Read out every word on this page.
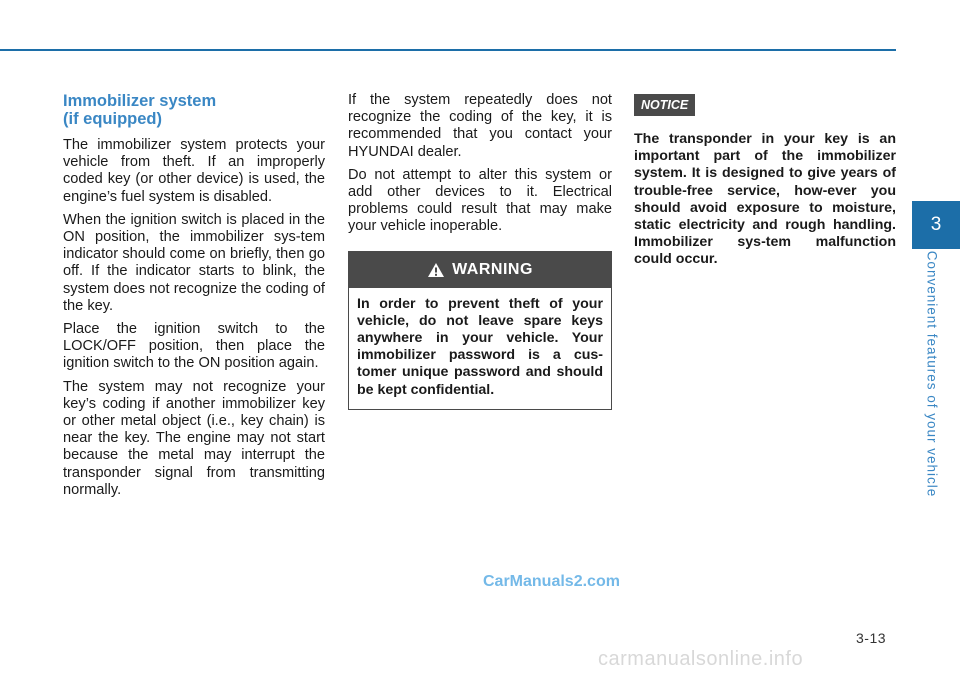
Immobilizer system
(if equipped)

The immobilizer system protects your vehicle from theft. If an improperly coded key (or other device) is used, the engine’s fuel system is disabled.

When the ignition switch is placed in the ON position, the immobilizer sys-tem indicator should come on briefly, then go off. If the indicator starts to blink, the system does not recognize the coding of the key.

Place the ignition switch to the LOCK/OFF position, then place the ignition switch to the ON position again.

The system may not recognize your key’s coding if another immobilizer key or other metal object (i.e., key chain) is near the key. The engine may not start because the metal may interrupt the transponder signal from transmitting normally.

If the system repeatedly does not recognize the coding of the key, it is recommended that you contact your HYUNDAI dealer.

Do not attempt to alter this system or add other devices to it. Electrical problems could result that may make your vehicle inoperable.

WARNING
In order to prevent theft of your vehicle, do not leave spare keys anywhere in your vehicle. Your immobilizer password is a cus-tomer unique password and should be kept confidential.
NOTICE

The transponder in your key is an important part of the immobilizer system. It is designed to give years of trouble-free service, how-ever you should avoid exposure to moisture, static electricity and rough handling. Immobilizer sys-tem malfunction could occur.

3
Convenient features of your vehicle
3-13
CarManuals2.com
carmanualsonline.info
